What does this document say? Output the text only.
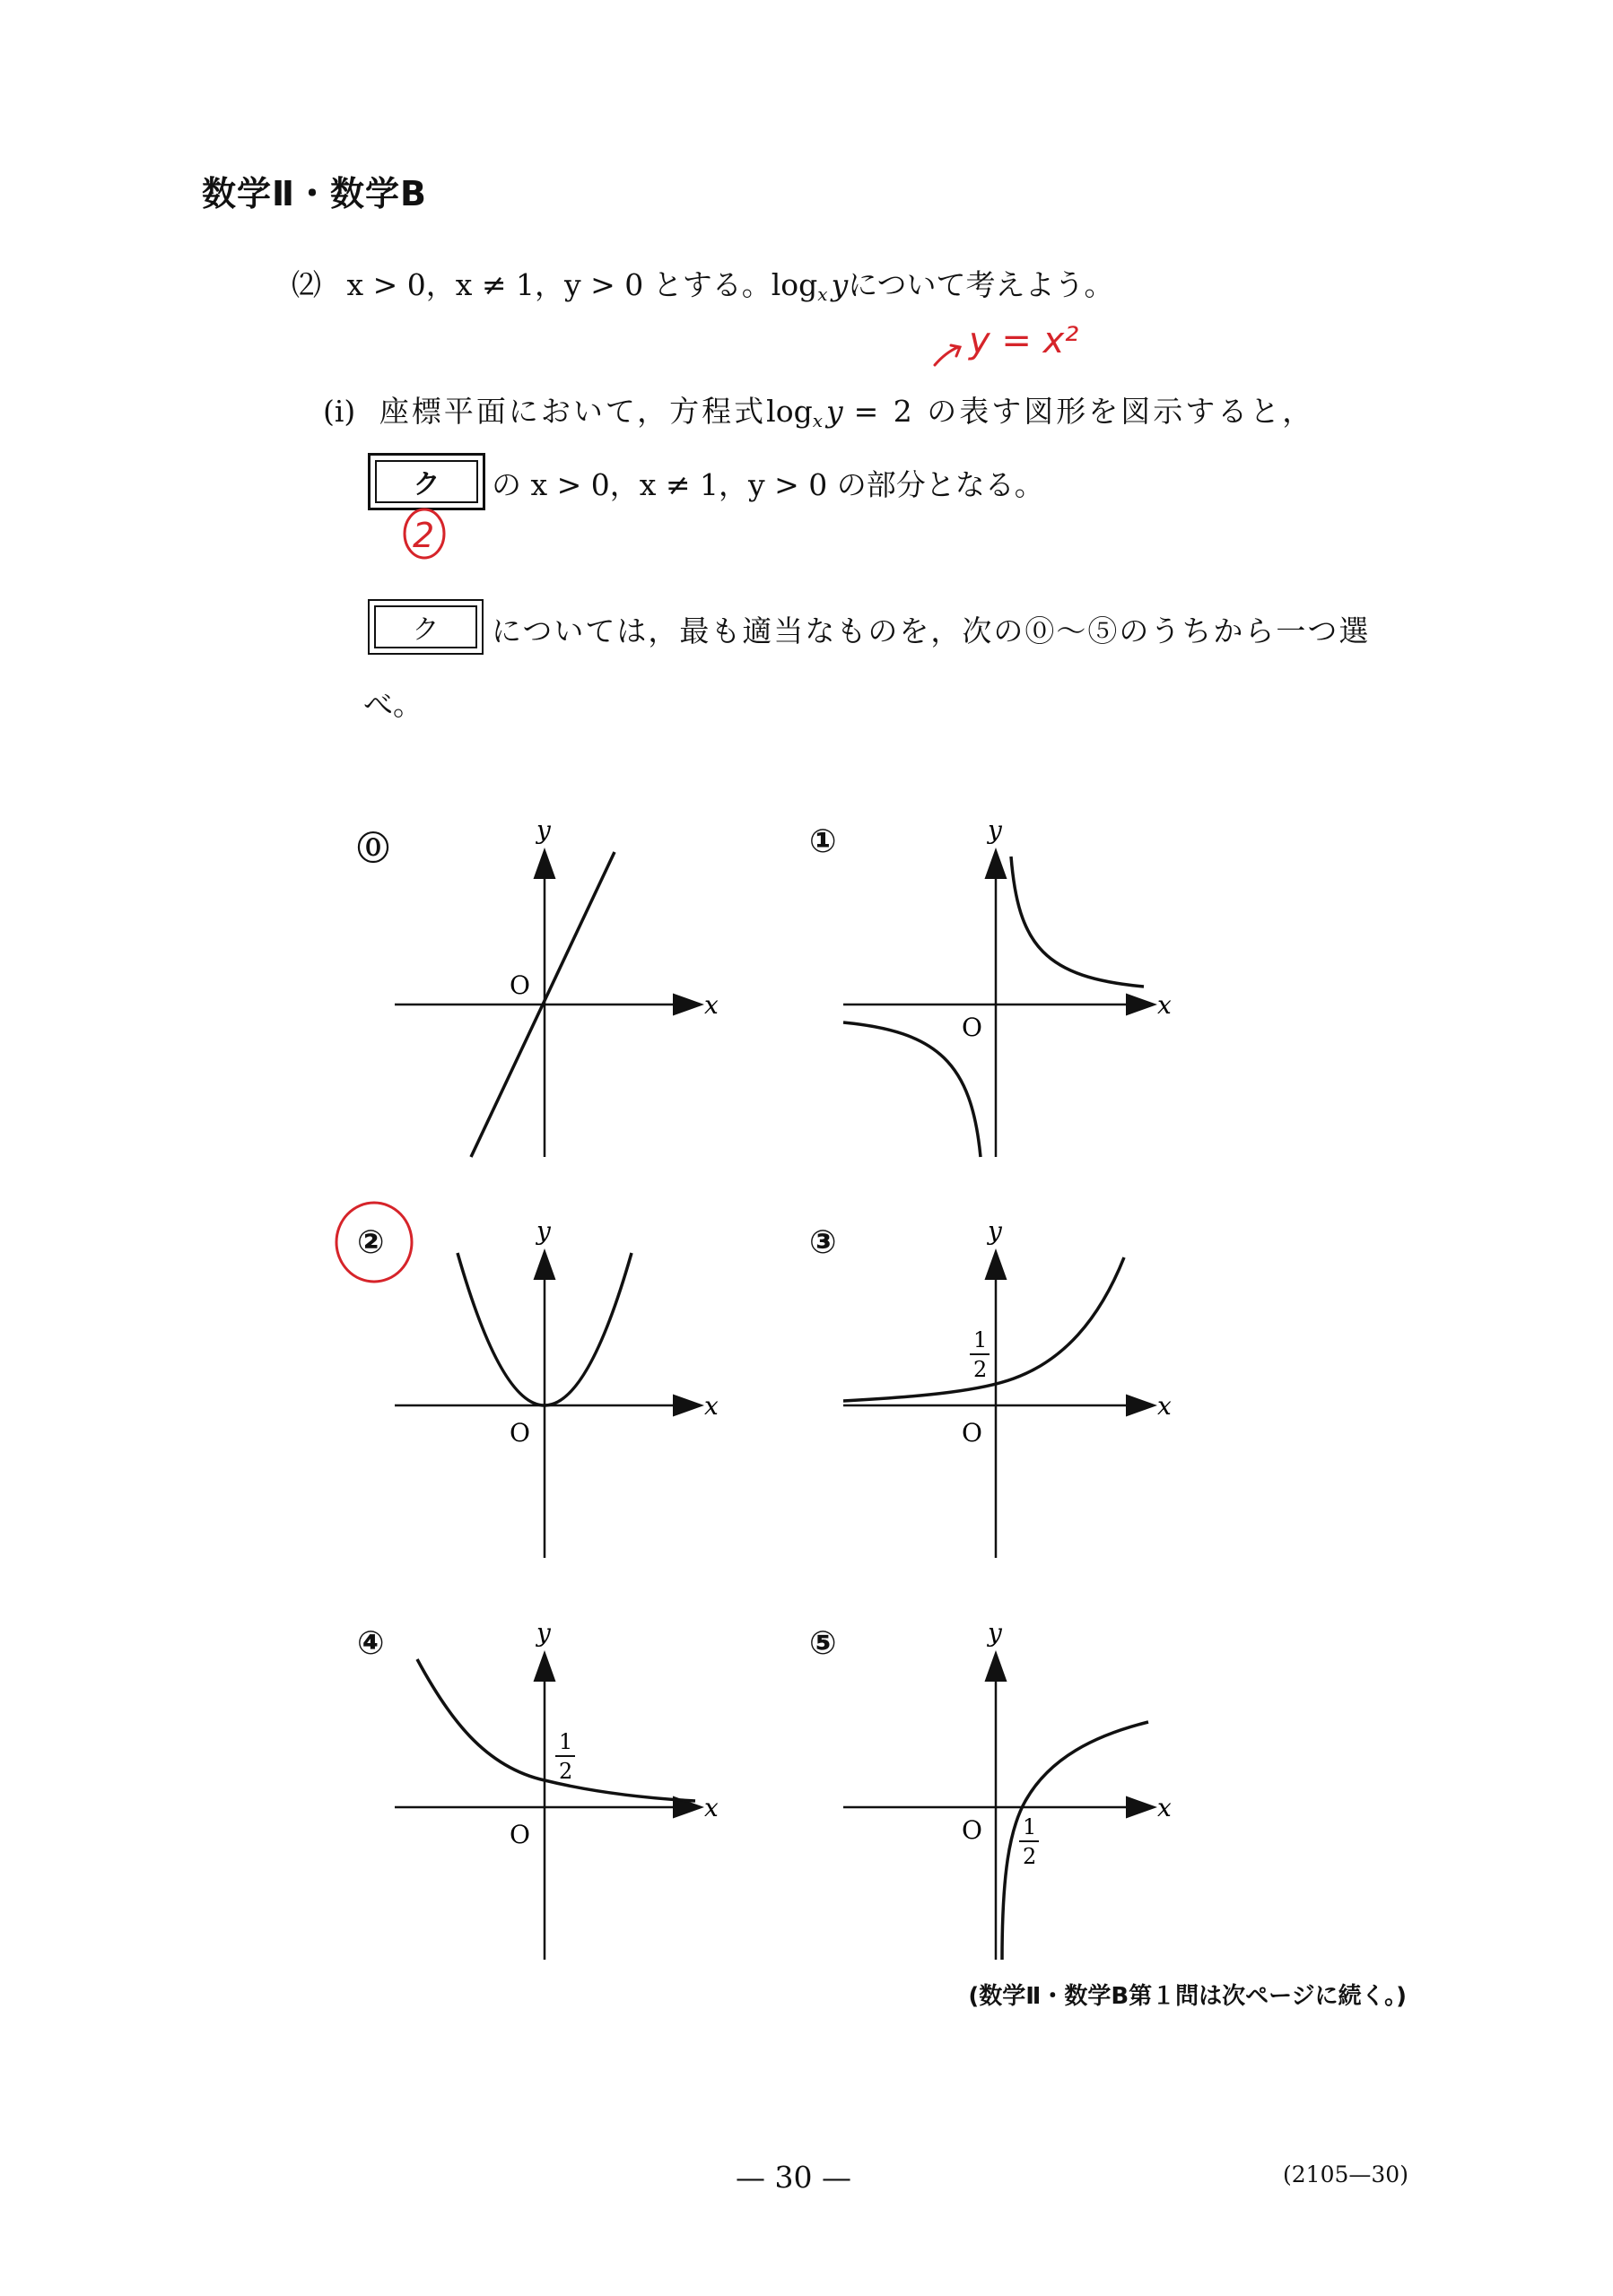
数学Ⅱ・数学B
⑵ x > 0，x ≠ 1，y > 0 とする。$\log_x y$について考えよう。
y = x²
(i) 座標平面において，方程式$\log_x y = 2$ の表す図形を図示すると，
ク	の x > 0，x ≠ 1，y > 0 の部分となる。
2
ク	については，最も適当なものを，次の⓪～⑤のうちから一つ選
べ。
⓪	①
②	③
④	⑤
x
y
O
x
y
O
x
y
O
x
y
O
1
2
x
y
O
1
2
x
y
O 1
2
(数学Ⅱ・数学B第１問は次ページに続く。)
— 30 —	(2105—30)
